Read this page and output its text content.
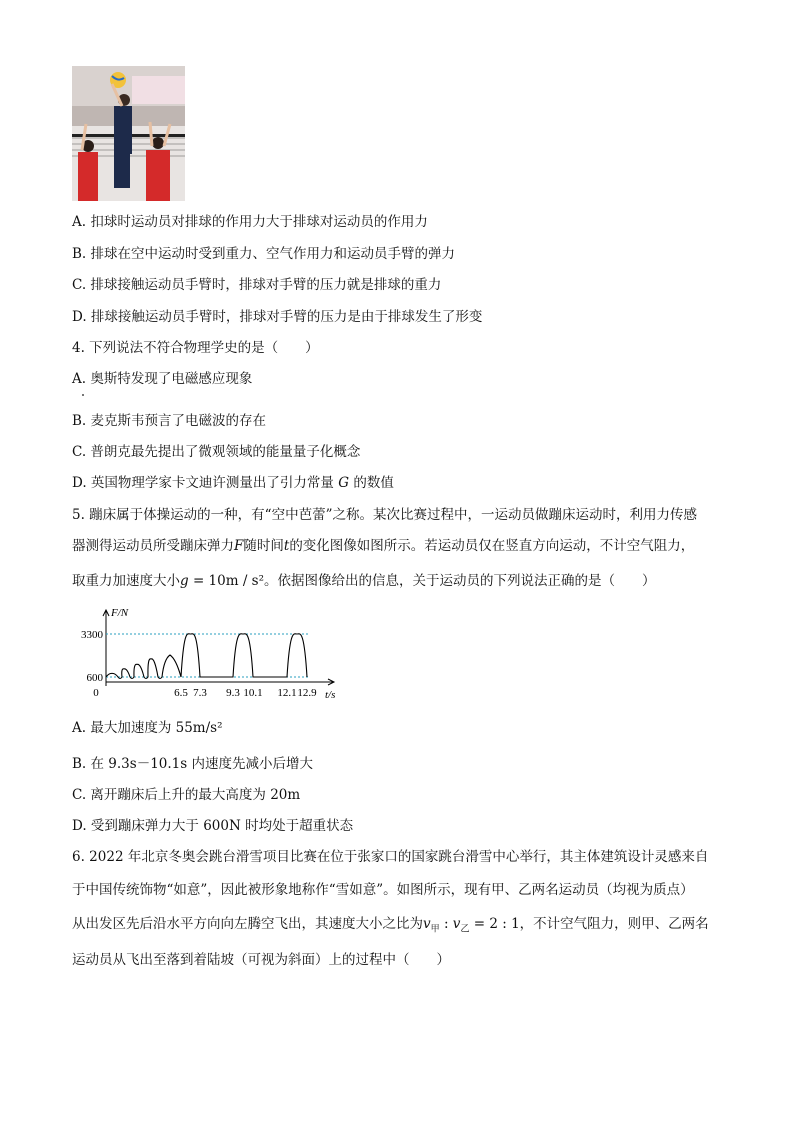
A. 扣球时运动员对排球的作用力大于排球对运动员的作用力
B. 排球在空中运动时受到重力、空气作用力和运动员手臂的弹力
C. 排球接触运动员手臂时，排球对手臂的压力就是排球的重力
D. 排球接触运动员手臂时，排球对手臂的压力是由于排球发生了形变
4. 下列说法不符合物理学史的是（　　）
A. 奥斯特发现了电磁感应现象
B. 麦克斯韦预言了电磁波的存在
C. 普朗克最先提出了微观领域的能量量子化概念
D. 英国物理学家卡文迪许测量出了引力常量 G 的数值
5. 蹦床属于体操运动的一种，有“空中芭蕾”之称。某次比赛过程中，一运动员做蹦床运动时，利用力传感
器测得运动员所受蹦床弹力F随时间t的变化图像如图所示。若运动员仅在竖直方向运动，不计空气阻力，
取重力加速度大小g = 10m / s²。依据图像给出的信息，关于运动员的下列说法正确的是（　　）
F/N
t/s
3300
600
0	6.5 7.3 9.3 10.1 12.1 12.9
A. 最大加速度为 55m/s²
B. 在 9.3s－10.1s 内速度先减小后增大
C. 离开蹦床后上升的最大高度为 20m
D. 受到蹦床弹力大于 600N 时均处于超重状态
6. 2022 年北京冬奥会跳台滑雪项目比赛在位于张家口的国家跳台滑雪中心举行，其主体建筑设计灵感来自
于中国传统饰物“如意”，因此被形象地称作“雪如意”。如图所示，现有甲、乙两名运动员（均视为质点）
从出发区先后沿水平方向向左腾空飞出，其速度大小之比为$v_甲$ : $v_乙 = 2$ : 1，不计空气阻力，则甲、乙两名
运动员从飞出至落到着陆坡（可视为斜面）上的过程中（　　）
